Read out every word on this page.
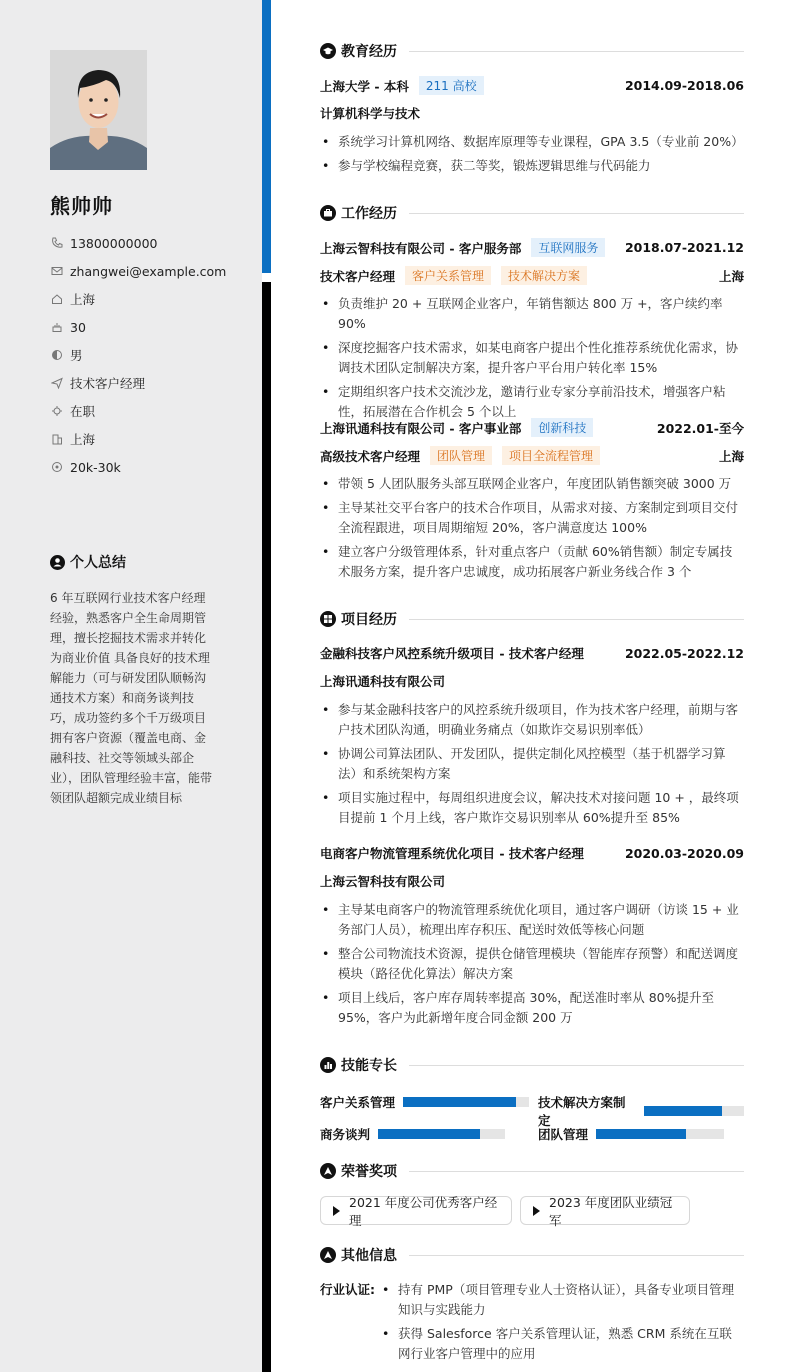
熊帅帅
13800000000
zhangwei@example.com
上海
30
男
技术客户经理
在职
上海
20k-30k
个人总结
6 年互联网行业技术客户经理经验，熟悉客户全生命周期管理，擅长挖掘技术需求并转化为商业价值 具备良好的技术理解能力（可与研发团队顺畅沟通技术方案）和商务谈判技巧，成功签约多个千万级项目 拥有客户资源（覆盖电商、金融科技、社交等领域头部企业），团队管理经验丰富，能带领团队超额完成业绩目标
教育经历
上海大学 - 本科	211 高校	2014.09-2018.06
计算机科学与技术
• 系统学习计算机网络、数据库原理等专业课程，GPA 3.5（专业前 20%）
• 参与学校编程竞赛，获二等奖，锻炼逻辑思维与代码能力
工作经历
上海云智科技有限公司 - 客户服务部	互联网服务	2018.07-2021.12
技术客户经理	客户关系管理	技术解决方案	上海
• 负责维护 20 + 互联网企业客户，年销售额达 800 万 +，客户续约率 90%
• 深度挖掘客户技术需求，如某电商客户提出个性化推荐系统优化需求，协调技术团队定制解决方案，提升客户平台用户转化率 15%
• 定期组织客户技术交流沙龙，邀请行业专家分享前沿技术，增强客户粘性，拓展潜在合作机会 5 个以上
上海讯通科技有限公司 - 客户事业部	创新科技	2022.01-至今
高级技术客户经理	团队管理	项目全流程管理	上海
• 带领 5 人团队服务头部互联网企业客户，年度团队销售额突破 3000 万
• 主导某社交平台客户的技术合作项目，从需求对接、方案制定到项目交付全流程跟进，项目周期缩短 20%，客户满意度达 100%
• 建立客户分级管理体系，针对重点客户（贡献 60%销售额）制定专属技术服务方案，提升客户忠诚度，成功拓展客户新业务线合作 3 个
项目经历
金融科技客户风控系统升级项目 - 技术客户经理	2022.05-2022.12
上海讯通科技有限公司
• 参与某金融科技客户的风控系统升级项目，作为技术客户经理，前期与客户技术团队沟通，明确业务痛点（如欺诈交易识别率低）
• 协调公司算法团队、开发团队，提供定制化风控模型（基于机器学习算法）和系统架构方案
• 项目实施过程中，每周组织进度会议，解决技术对接问题 10 + ，最终项目提前 1 个月上线，客户欺诈交易识别率从 60%提升至 85%
电商客户物流管理系统优化项目 - 技术客户经理	2020.03-2020.09
上海云智科技有限公司
• 主导某电商客户的物流管理系统优化项目，通过客户调研（访谈 15 + 业务部门人员），梳理出库存积压、配送时效低等核心问题
• 整合公司物流技术资源，提供仓储管理模块（智能库存预警）和配送调度模块（路径优化算法）解决方案
• 项目上线后，客户库存周转率提高 30%，配送准时率从 80%提升至 95%，客户为此新增年度合同金额 200 万
技能专长
客户关系管理	技术解决方案制定
商务谈判	团队管理
荣誉奖项
2021 年度公司优秀客户经理
2023 年度团队业绩冠军
其他信息
行业认证:
•	持有 PMP（项目管理专业人士资格认证），具备专业项目管理知识与实践能力
• 获得 Salesforce 客户关系管理认证，熟悉 CRM 系统在互联网行业客户管理中的应用
